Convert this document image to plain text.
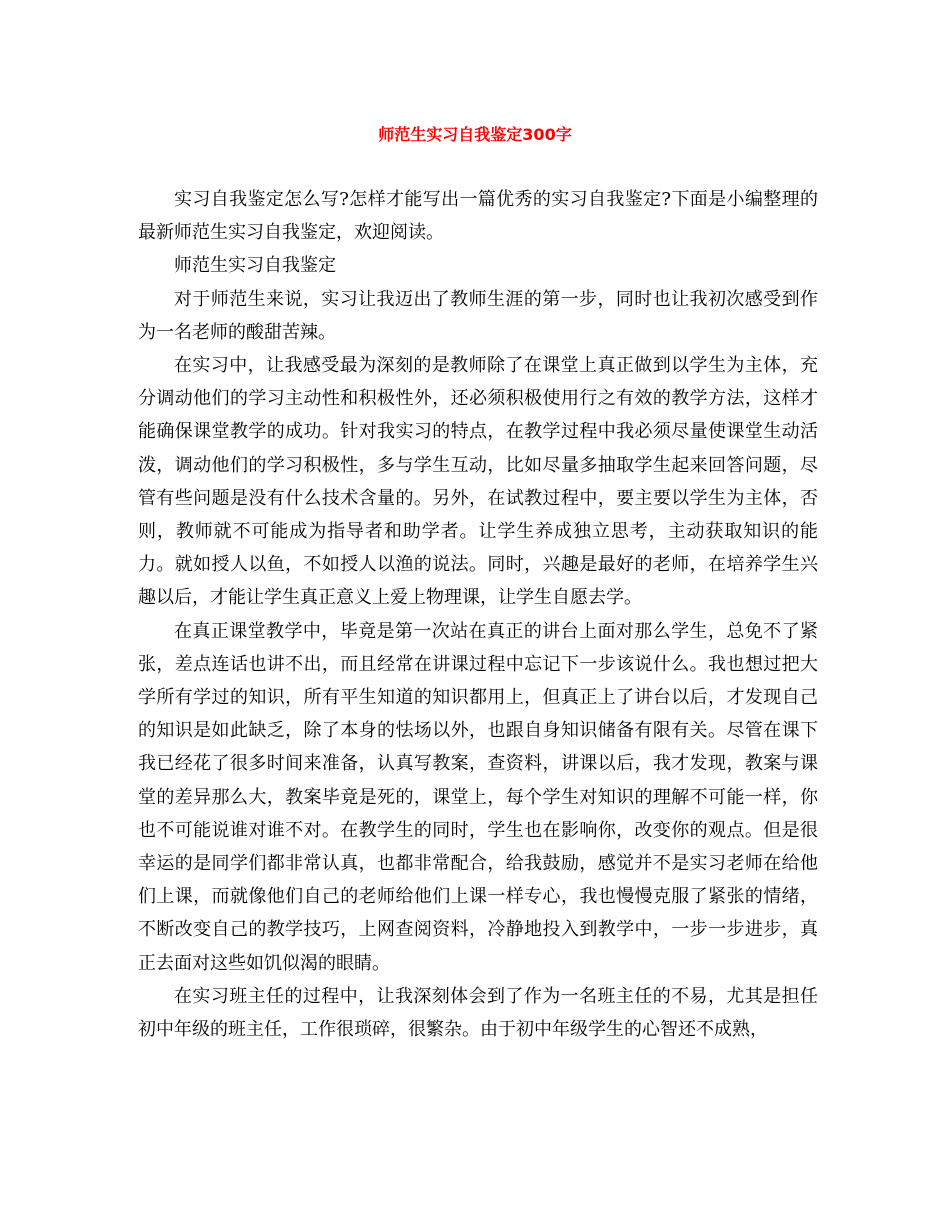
师范生实习自我鉴定300字

实习自我鉴定怎么写?怎样才能写出一篇优秀的实习自我鉴定?下面是小编整理的最新师范生实习自我鉴定，欢迎阅读。

师范生实习自我鉴定

对于师范生来说，实习让我迈出了教师生涯的第一步，同时也让我初次感受到作为一名老师的酸甜苦辣。

在实习中，让我感受最为深刻的是教师除了在课堂上真正做到以学生为主体，充分调动他们的学习主动性和积极性外，还必须积极使用行之有效的教学方法，这样才能确保课堂教学的成功。针对我实习的特点，在教学过程中我必须尽量使课堂生动活泼，调动他们的学习积极性，多与学生互动，比如尽量多抽取学生起来回答问题，尽管有些问题是没有什么技术含量的。另外，在试教过程中，要主要以学生为主体，否则，教师就不可能成为指导者和助学者。让学生养成独立思考，主动获取知识的能力。就如授人以鱼，不如授人以渔的说法。同时，兴趣是最好的老师，在培养学生兴趣以后，才能让学生真正意义上爱上物理课，让学生自愿去学。

在真正课堂教学中，毕竟是第一次站在真正的讲台上面对那么学生，总免不了紧张，差点连话也讲不出，而且经常在讲课过程中忘记下一步该说什么。我也想过把大学所有学过的知识，所有平生知道的知识都用上，但真正上了讲台以后，才发现自己的知识是如此缺乏，除了本身的怯场以外，也跟自身知识储备有限有关。尽管在课下我已经花了很多时间来准备，认真写教案，查资料，讲课以后，我才发现，教案与课堂的差异那么大，教案毕竟是死的，课堂上，每个学生对知识的理解不可能一样，你也不可能说谁对谁不对。在教学生的同时，学生也在影响你，改变你的观点。但是很幸运的是同学们都非常认真，也都非常配合，给我鼓励，感觉并不是实习老师在给他们上课，而就像他们自己的老师给他们上课一样专心，我也慢慢克服了紧张的情绪，不断改变自己的教学技巧，上网查阅资料，冷静地投入到教学中，一步一步进步，真正去面对这些如饥似渴的眼睛。

在实习班主任的过程中，让我深刻体会到了作为一名班主任的不易，尤其是担任初中年级的班主任，工作很琐碎，很繁杂。由于初中年级学生的心智还不成熟，
